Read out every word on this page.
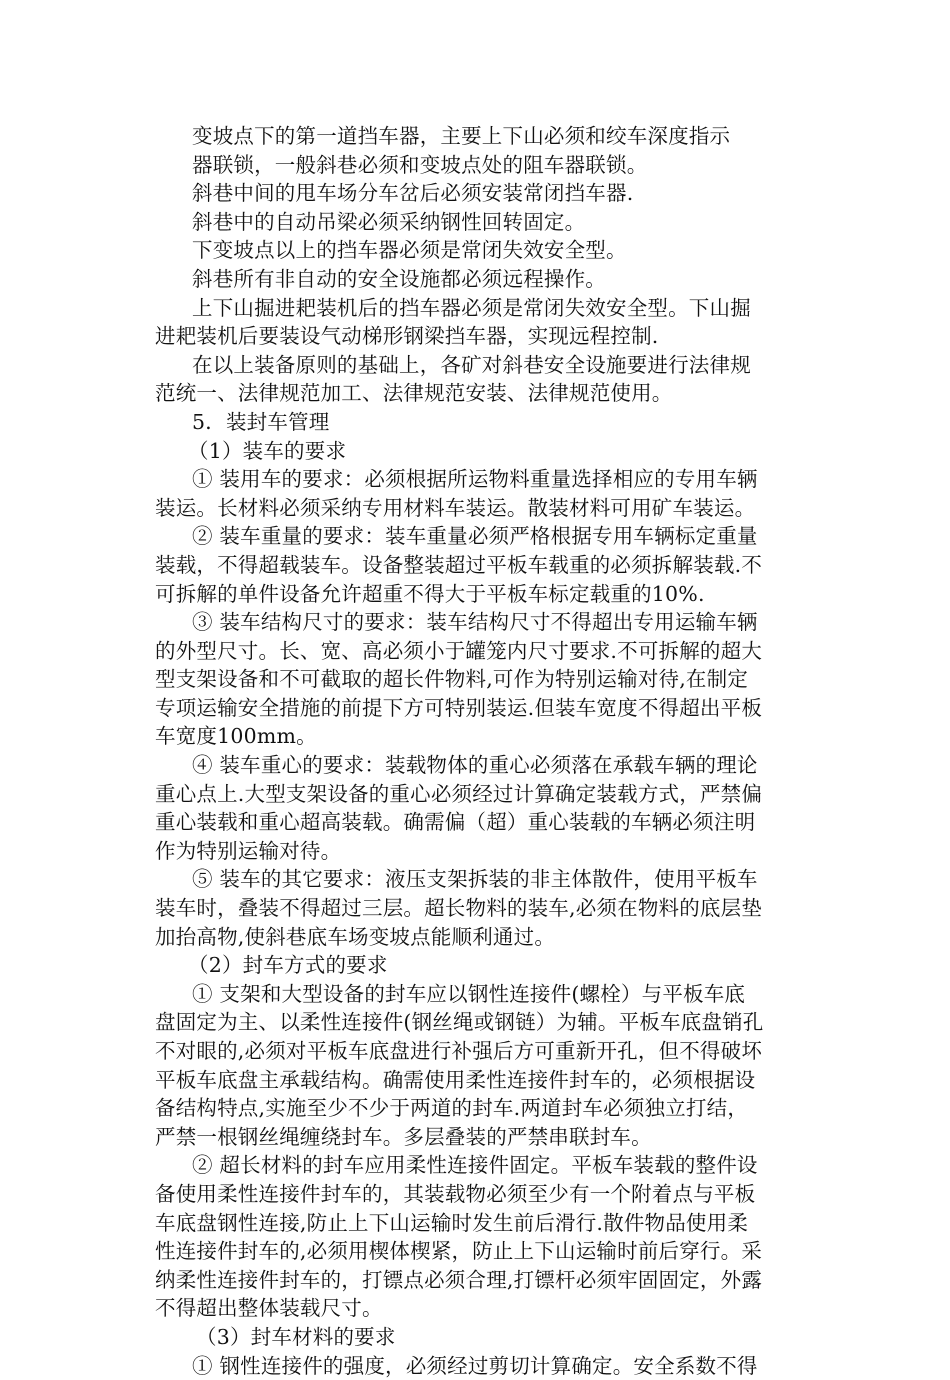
变坡点下的第一道挡车器，主要上下山必须和绞车深度指示
器联锁，一般斜巷必须和变坡点处的阻车器联锁。
斜巷中间的甩车场分车岔后必须安装常闭挡车器.
斜巷中的自动吊梁必须采纳钢性回转固定。
下变坡点以上的挡车器必须是常闭失效安全型。
斜巷所有非自动的安全设施都必须远程操作。
上下山掘进耙装机后的挡车器必须是常闭失效安全型。下山掘
进耙装机后要装设气动梯形钢梁挡车器，实现远程控制.
在以上装备原则的基础上，各矿对斜巷安全设施要进行法律规
范统一、法律规范加工、法律规范安装、法律规范使用。
5．装封车管理
（1）装车的要求
① 装用车的要求：必须根据所运物料重量选择相应的专用车辆
装运。长材料必须采纳专用材料车装运。散装材料可用矿车装运。
② 装车重量的要求：装车重量必须严格根据专用车辆标定重量
装载，不得超载装车。设备整装超过平板车载重的必须拆解装载.不
可拆解的单件设备允许超重不得大于平板车标定载重的10%.
③ 装车结构尺寸的要求：装车结构尺寸不得超出专用运输车辆
的外型尺寸。长、宽、高必须小于罐笼内尺寸要求.不可拆解的超大
型支架设备和不可截取的超长件物料,可作为特别运输对待,在制定
专项运输安全措施的前提下方可特别装运.但装车宽度不得超出平板
车宽度100mm。
④ 装车重心的要求：装载物体的重心必须落在承载车辆的理论
重心点上.大型支架设备的重心必须经过计算确定装载方式，严禁偏
重心装载和重心超高装载。确需偏（超）重心装载的车辆必须注明
作为特别运输对待。
⑤ 装车的其它要求：液压支架拆装的非主体散件，使用平板车
装车时，叠装不得超过三层。超长物料的装车,必须在物料的底层垫
加抬高物,使斜巷底车场变坡点能顺利通过。
（2）封车方式的要求
① 支架和大型设备的封车应以钢性连接件(螺栓）与平板车底
盘固定为主、以柔性连接件(钢丝绳或钢链）为辅。平板车底盘销孔
不对眼的,必须对平板车底盘进行补强后方可重新开孔，但不得破坏
平板车底盘主承载结构。确需使用柔性连接件封车的，必须根据设
备结构特点,实施至少不少于两道的封车.两道封车必须独立打结，
严禁一根钢丝绳缠绕封车。多层叠装的严禁串联封车。
② 超长材料的封车应用柔性连接件固定。平板车装载的整件设
备使用柔性连接件封车的，其装载物必须至少有一个附着点与平板
车底盘钢性连接,防止上下山运输时发生前后滑行.散件物品使用柔
性连接件封车的,必须用楔体楔紧，防止上下山运输时前后穿行。采
纳柔性连接件封车的，打镖点必须合理,打镖杆必须牢固固定，外露
不得超出整体装载尺寸。
（3）封车材料的要求
① 钢性连接件的强度，必须经过剪切计算确定。安全系数不得
